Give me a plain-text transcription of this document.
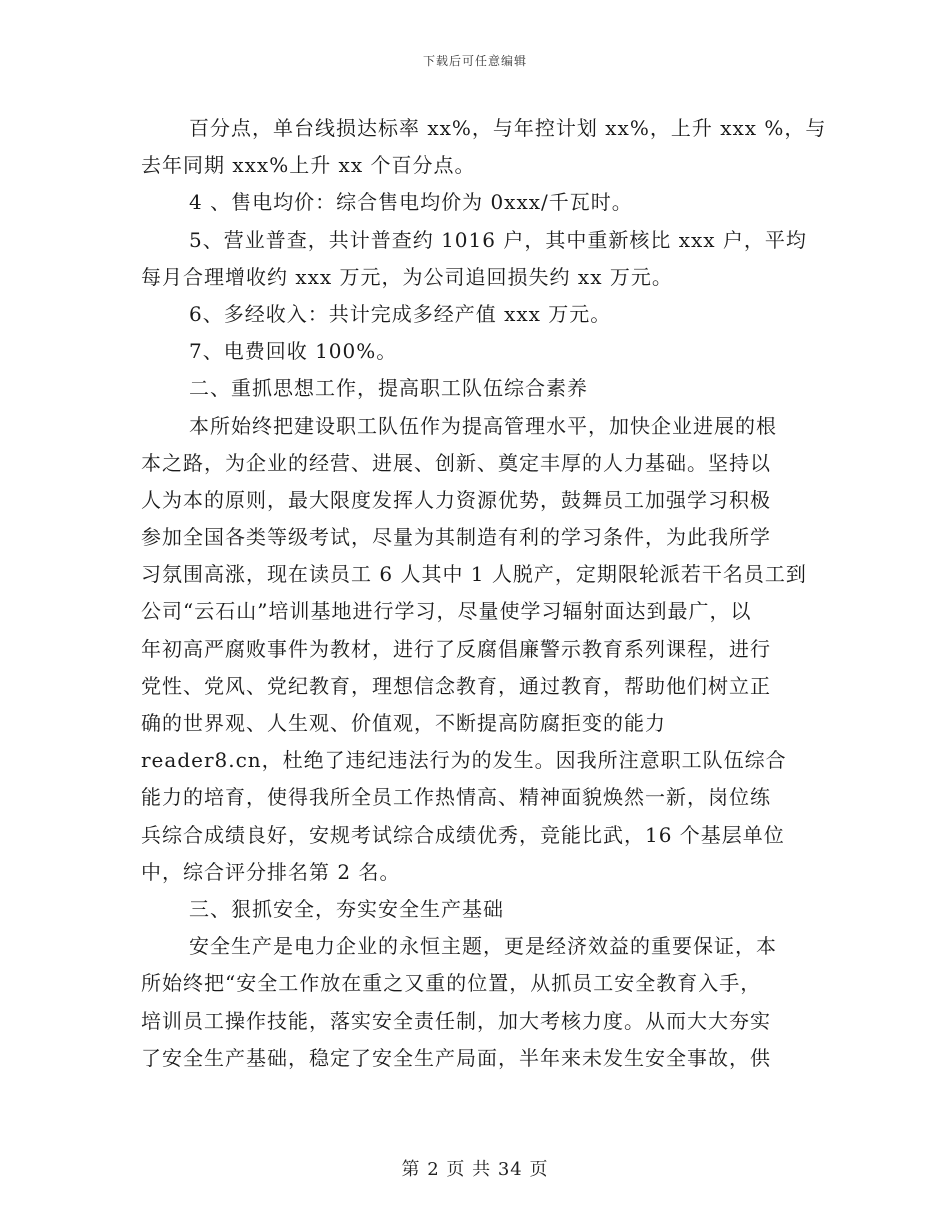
下载后可任意编辑
百分点，单台线损达标率 xx%，与年控计划 xx%，上升 xxx %，与
去年同期 xxx%上升 xx 个百分点。
4 、售电均价：综合售电均价为 0xxx/千瓦时。
5、营业普查，共计普查约 1016 户，其中重新核比 xxx 户，平均
每月合理增收约 xxx 万元，为公司追回损失约 xx 万元。
6、多经收入：共计完成多经产值 xxx 万元。
7、电费回收 100%。
二、重抓思想工作，提高职工队伍综合素养
本所始终把建设职工队伍作为提高管理水平，加快企业进展的根
本之路，为企业的经营、进展、创新、奠定丰厚的人力基础。坚持以
人为本的原则，最大限度发挥人力资源优势，鼓舞员工加强学习积极
参加全国各类等级考试，尽量为其制造有利的学习条件，为此我所学
习氛围高涨，现在读员工 6 人其中 1 人脱产，定期限轮派若干名员工到
公司“云石山”培训基地进行学习，尽量使学习辐射面达到最广，以
年初高严腐败事件为教材，进行了反腐倡廉警示教育系列课程，进行
党性、党风、党纪教育，理想信念教育，通过教育，帮助他们树立正
确的世界观、人生观、价值观，不断提高防腐拒变的能力
reader8.cn，杜绝了违纪违法行为的发生。因我所注意职工队伍综合
能力的培育，使得我所全员工作热情高、精神面貌焕然一新，岗位练
兵综合成绩良好，安规考试综合成绩优秀，竞能比武，16 个基层单位
中，综合评分排名第 2 名。
三、狠抓安全，夯实安全生产基础
安全生产是电力企业的永恒主题，更是经济效益的重要保证，本
所始终把“安全工作放在重之又重的位置，从抓员工安全教育入手，
培训员工操作技能，落实安全责任制，加大考核力度。从而大大夯实
了安全生产基础，稳定了安全生产局面，半年来未发生安全事故，供
第 2 页 共 34 页
